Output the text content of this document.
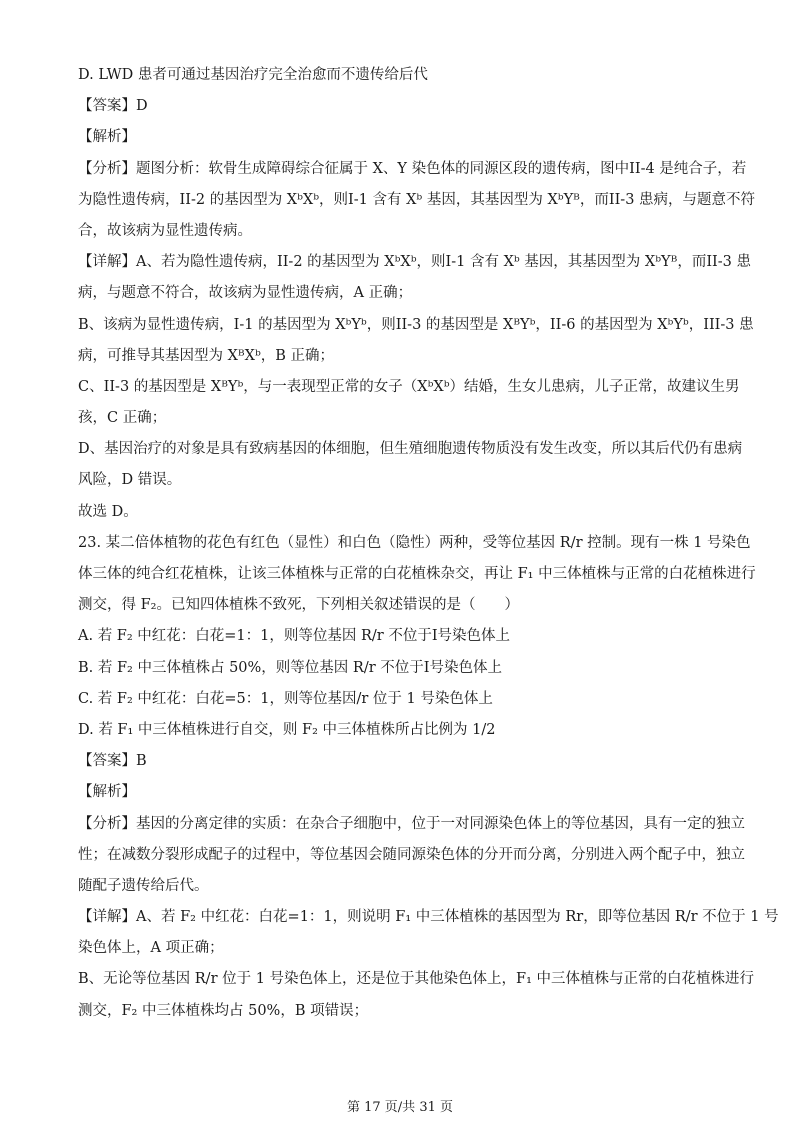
D. LWD 患者可通过基因治疗完全治愈而不遗传给后代
【答案】D
【解析】
【分析】题图分析：软骨生成障碍综合征属于 X、Y 染色体的同源区段的遗传病，图中II-4 是纯合子，若
为隐性遗传病，II-2 的基因型为 XᵇXᵇ，则I-1 含有 Xᵇ 基因，其基因型为 XᵇYᴮ，而II-3 患病，与题意不符
合，故该病为显性遗传病。
【详解】A、若为隐性遗传病，II-2 的基因型为 XᵇXᵇ，则I-1 含有 Xᵇ 基因，其基因型为 XᵇYᴮ，而II-3 患
病，与题意不符合，故该病为显性遗传病，A 正确；
B、该病为显性遗传病，I-1 的基因型为 XᵇYᵇ，则II-3 的基因型是 XᴮYᵇ，II-6 的基因型为 XᵇYᵇ，III-3 患
病，可推导其基因型为 XᴮXᵇ，B 正确；
C、II-3 的基因型是 XᴮYᵇ，与一表现型正常的女子（XᵇXᵇ）结婚，生女儿患病，儿子正常，故建议生男
孩，C 正确；
D、基因治疗的对象是具有致病基因的体细胞，但生殖细胞遗传物质没有发生改变，所以其后代仍有患病
风险，D 错误。
故选 D。
23. 某二倍体植物的花色有红色（显性）和白色（隐性）两种，受等位基因 R/r 控制。现有一株 1 号染色
体三体的纯合红花植株，让该三体植株与正常的白花植株杂交，再让 F₁ 中三体植株与正常的白花植株进行
测交，得 F₂。已知四体植株不致死，下列相关叙述错误的是（　　）
A. 若 F₂ 中红花：白花=1：1，则等位基因 R/r 不位于I号染色体上
B. 若 F₂ 中三体植株占 50%，则等位基因 R/r 不位于I号染色体上
C. 若 F₂ 中红花：白花=5：1，则等位基因/r 位于 1 号染色体上
D. 若 F₁ 中三体植株进行自交，则 F₂ 中三体植株所占比例为 1/2
【答案】B
【解析】
【分析】基因的分离定律的实质：在杂合子细胞中，位于一对同源染色体上的等位基因，具有一定的独立
性；在减数分裂形成配子的过程中，等位基因会随同源染色体的分开而分离，分别进入两个配子中，独立
随配子遗传给后代。
【详解】A、若 F₂ 中红花：白花=1：1，则说明 F₁ 中三体植株的基因型为 Rr，即等位基因 R/r 不位于 1 号
染色体上，A 项正确；
B、无论等位基因 R/r 位于 1 号染色体上，还是位于其他染色体上，F₁ 中三体植株与正常的白花植株进行
测交，F₂ 中三体植株均占 50%，B 项错误；
第 17 页/共 31 页
